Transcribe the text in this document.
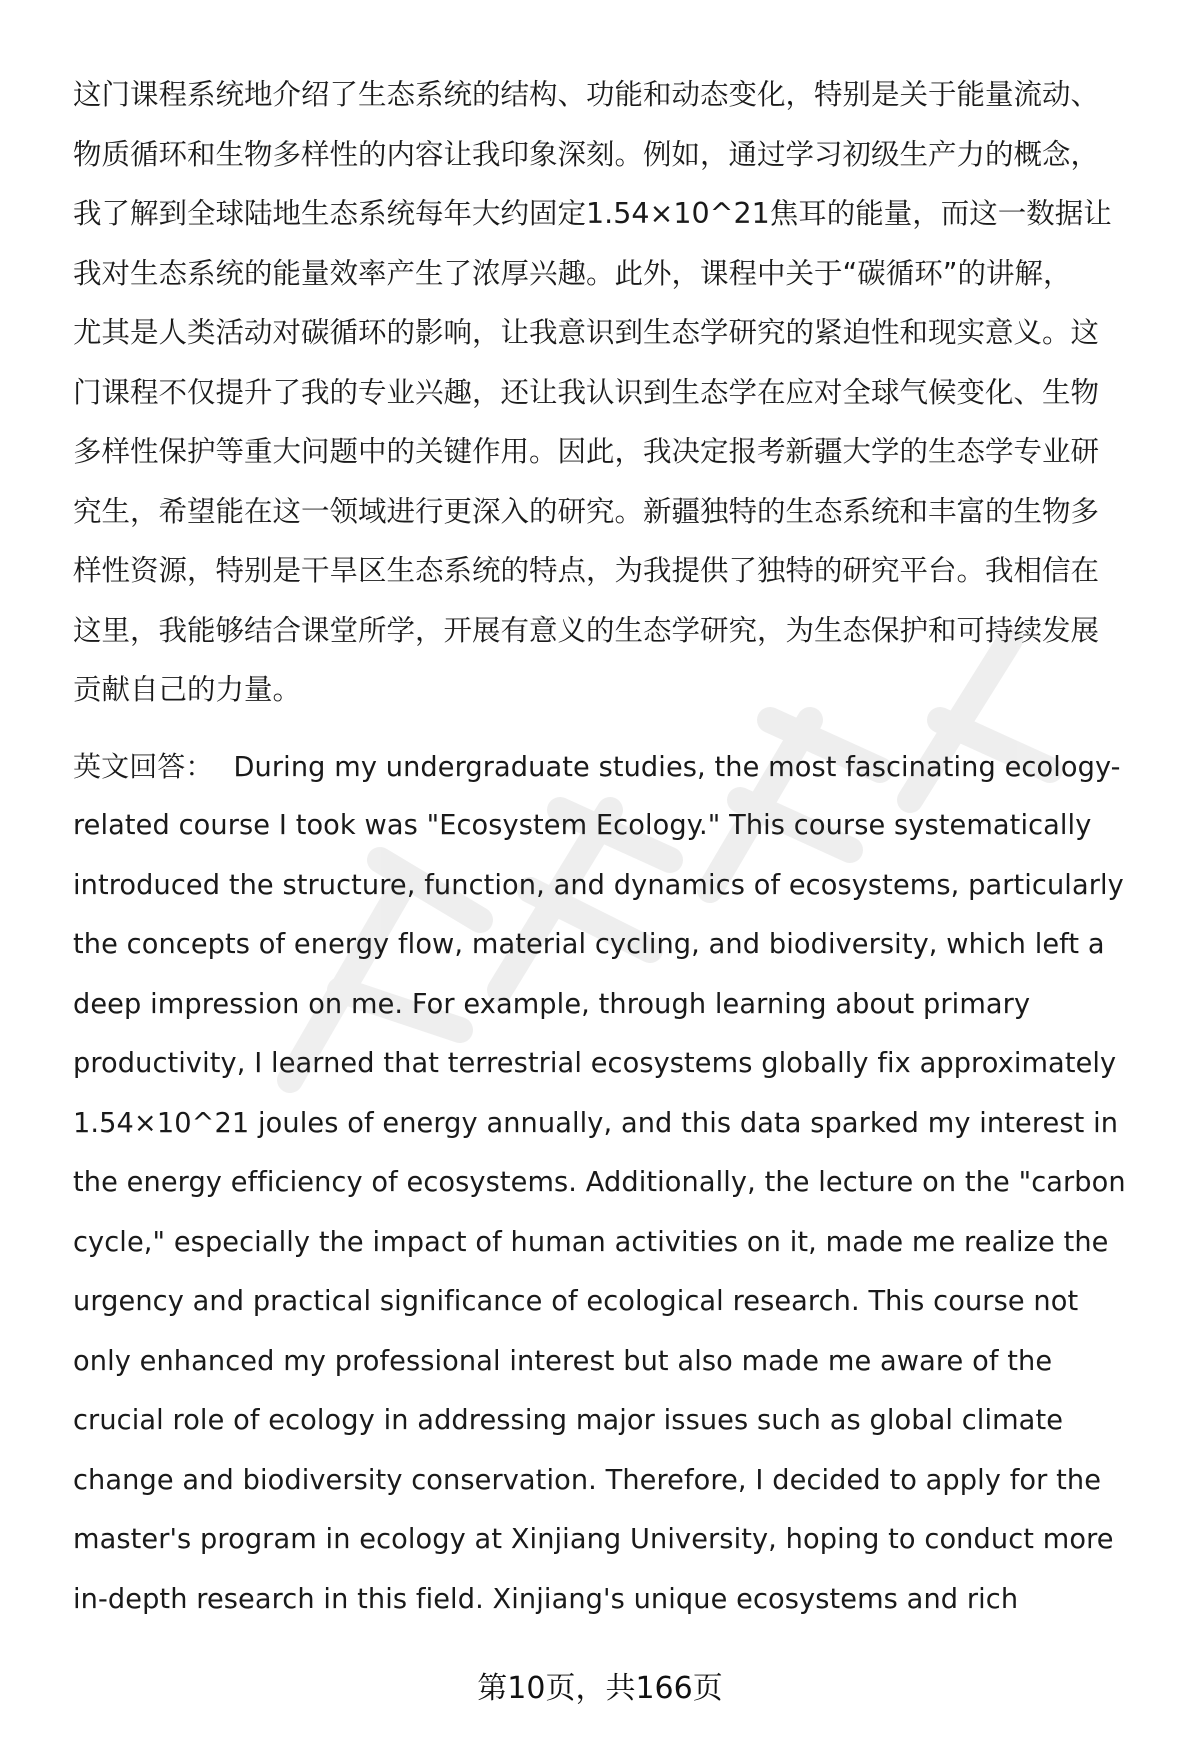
这门课程系统地介绍了生态系统的结构、功能和动态变化，特别是关于能量流动、
物质循环和生物多样性的内容让我印象深刻。例如，通过学习初级生产力的概念，
我了解到全球陆地生态系统每年大约固定1.54×10^21焦耳的能量，而这一数据让
我对生态系统的能量效率产生了浓厚兴趣。此外，课程中关于“碳循环”的讲解，
尤其是人类活动对碳循环的影响，让我意识到生态学研究的紧迫性和现实意义。这
门课程不仅提升了我的专业兴趣，还让我认识到生态学在应对全球气候变化、生物
多样性保护等重大问题中的关键作用。因此，我决定报考新疆大学的生态学专业研
究生，希望能在这一领域进行更深入的研究。新疆独特的生态系统和丰富的生物多
样性资源，特别是干旱区生态系统的特点，为我提供了独特的研究平台。我相信在
这里，我能够结合课堂所学，开展有意义的生态学研究，为生态保护和可持续发展
贡献自己的力量。
英文回答： During my undergraduate studies, the most fascinating ecology-
related course I took was "Ecosystem Ecology." This course systematically
introduced the structure, function, and dynamics of ecosystems, particularly
the concepts of energy flow, material cycling, and biodiversity, which left a
deep impression on me. For example, through learning about primary
productivity, I learned that terrestrial ecosystems globally fix approximately
1.54×10^21 joules of energy annually, and this data sparked my interest in
the energy efficiency of ecosystems. Additionally, the lecture on the "carbon
cycle," especially the impact of human activities on it, made me realize the
urgency and practical significance of ecological research. This course not
only enhanced my professional interest but also made me aware of the
crucial role of ecology in addressing major issues such as global climate
change and biodiversity conservation. Therefore, I decided to apply for the
master's program in ecology at Xinjiang University, hoping to conduct more
in-depth research in this field. Xinjiang's unique ecosystems and rich
第10页，共166页
